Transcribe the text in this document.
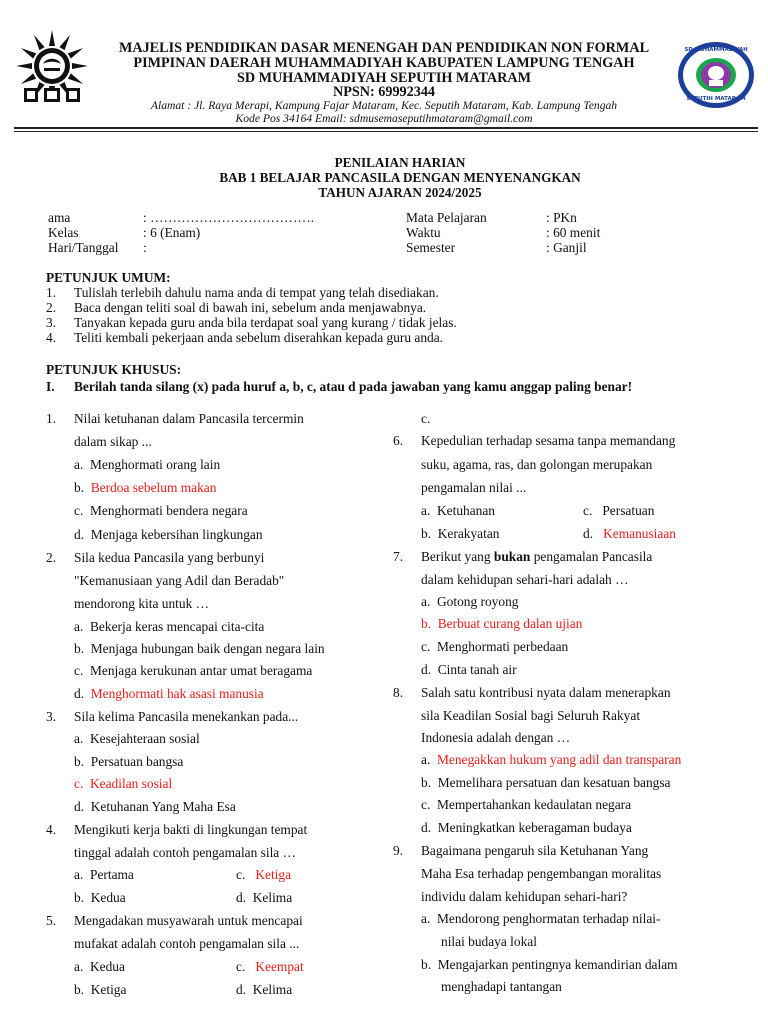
SD MUHAMMADIYAH
SEPUTIH MATARAM
MAJELIS PENDIDIKAN DASAR MENENGAH DAN PENDIDIKAN NON FORMAL
PIMPINAN DAERAH MUHAMMADIYAH KABUPATEN LAMPUNG TENGAH
SD MUHAMMADIYAH SEPUTIH MATARAM
NPSN: 69992344
Alamat : Jl. Raya Merapi, Kampung Fajar Mataram, Kec. Seputih Mataram, Kab. Lampung Tengah
Kode Pos 34164 Email: sdmusemaseputihmataram@gmail.com
PENILAIAN HARIAN
BAB 1 BELAJAR PANCASILA DENGAN MENYENANGKAN
TAHUN AJARAN 2024/2025
ama	: ……………………………….
Kelas	: 6 (Enam)
Hari/Tanggal :
Mata Pelajaran	: PKn
Waktu	: 60 menit
Semester	: Ganjil
PETUNJUK UMUM:
1. Tulislah terlebih dahulu nama anda di tempat yang telah disediakan.
2. Baca dengan teliti soal di bawah ini, sebelum anda menjawabnya.
3. Tanyakan kepada guru anda bila terdapat soal yang kurang / tidak jelas.
4. Teliti kembali pekerjaan anda sebelum diserahkan kepada guru anda.
PETUNJUK KHUSUS:
I. Berilah tanda silang (x) pada huruf a, b, c, atau d pada jawaban yang kamu anggap paling benar!
1. Nilai ketuhanan dalam Pancasila tercermin
dalam sikap ...
a.  Menghormati orang lain
b.  Berdoa sebelum makan
c.  Menghormati bendera negara
d.  Menjaga kebersihan lingkungan
2. Sila kedua Pancasila yang berbunyi
"Kemanusiaan yang Adil dan Beradab"
mendorong kita untuk …
a.  Bekerja keras mencapai cita-cita
b.  Menjaga hubungan baik dengan negara lain
c.  Menjaga kerukunan antar umat beragama
d.  Menghormati hak asasi manusia
3. Sila kelima Pancasila menekankan pada...
a.  Kesejahteraan sosial
b.  Persatuan bangsa
c.  Keadilan sosial
d.  Ketuhanan Yang Maha Esa
4. Mengikuti kerja bakti di lingkungan tempat
tinggal adalah contoh pengamalan sila …
a.  Pertama	c.   Ketiga
b.  Kedua	d.  Kelima
5. Mengadakan musyawarah untuk mencapai
mufakat adalah contoh pengamalan sila ...
a.  Kedua	c.   Keempat
b.  Ketiga	d.  Kelima
c.
6. Kepedulian terhadap sesama tanpa memandang
suku, agama, ras, dan golongan merupakan
pengamalan nilai ...
a.  Ketuhanan	c.   Persatuan
b.  Kerakyatan	d.   Kemanusiaan
7. Berikut yang bukan pengamalan Pancasila
dalam kehidupan sehari-hari adalah …
a.  Gotong royong
b.  Berbuat curang dalan ujian
c.  Menghormati perbedaan
d.  Cinta tanah air
8. Salah satu kontribusi nyata dalam menerapkan
sila Keadilan Sosial bagi Seluruh Rakyat
Indonesia adalah dengan …
a.  Menegakkan hukum yang adil dan transparan
b.  Memelihara persatuan dan kesatuan bangsa
c.  Mempertahankan kedaulatan negara
d.  Meningkatkan keberagaman budaya
9. Bagaimana pengaruh sila Ketuhanan Yang
Maha Esa terhadap pengembangan moralitas
individu dalam kehidupan sehari-hari?
a.  Mendorong penghormatan terhadap nilai-
nilai budaya lokal
b.  Mengajarkan pentingnya kemandirian dalam
menghadapi tantangan
